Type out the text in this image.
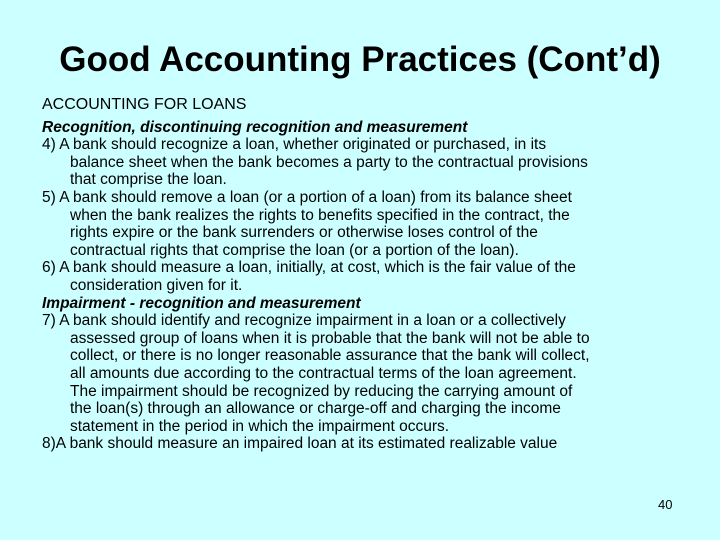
Good Accounting Practices (Cont’d)
ACCOUNTING FOR LOANS
Recognition, discontinuing recognition and measurement
4) A bank should recognize a loan, whether originated or purchased, in its
balance sheet when the bank becomes a party to the contractual provisions
that comprise the loan.
5) A bank should remove a loan (or a portion of a loan) from its balance sheet
when the bank realizes the rights to benefits specified in the contract, the
rights expire or the bank surrenders or otherwise loses control of the
contractual rights that comprise the loan (or a portion of the loan).
6) A bank should measure a loan, initially, at cost, which is the fair value of the
consideration given for it.
Impairment - recognition and measurement
7) A bank should identify and recognize impairment in a loan or a collectively
assessed group of loans when it is probable that the bank will not be able to
collect, or there is no longer reasonable assurance that the bank will collect,
all amounts due according to the contractual terms of the loan agreement.
The impairment should be recognized by reducing the carrying amount of
the loan(s) through an allowance or charge-off and charging the income
statement in the period in which the impairment occurs.
8)A bank should measure an impaired loan at its estimated realizable value
40
